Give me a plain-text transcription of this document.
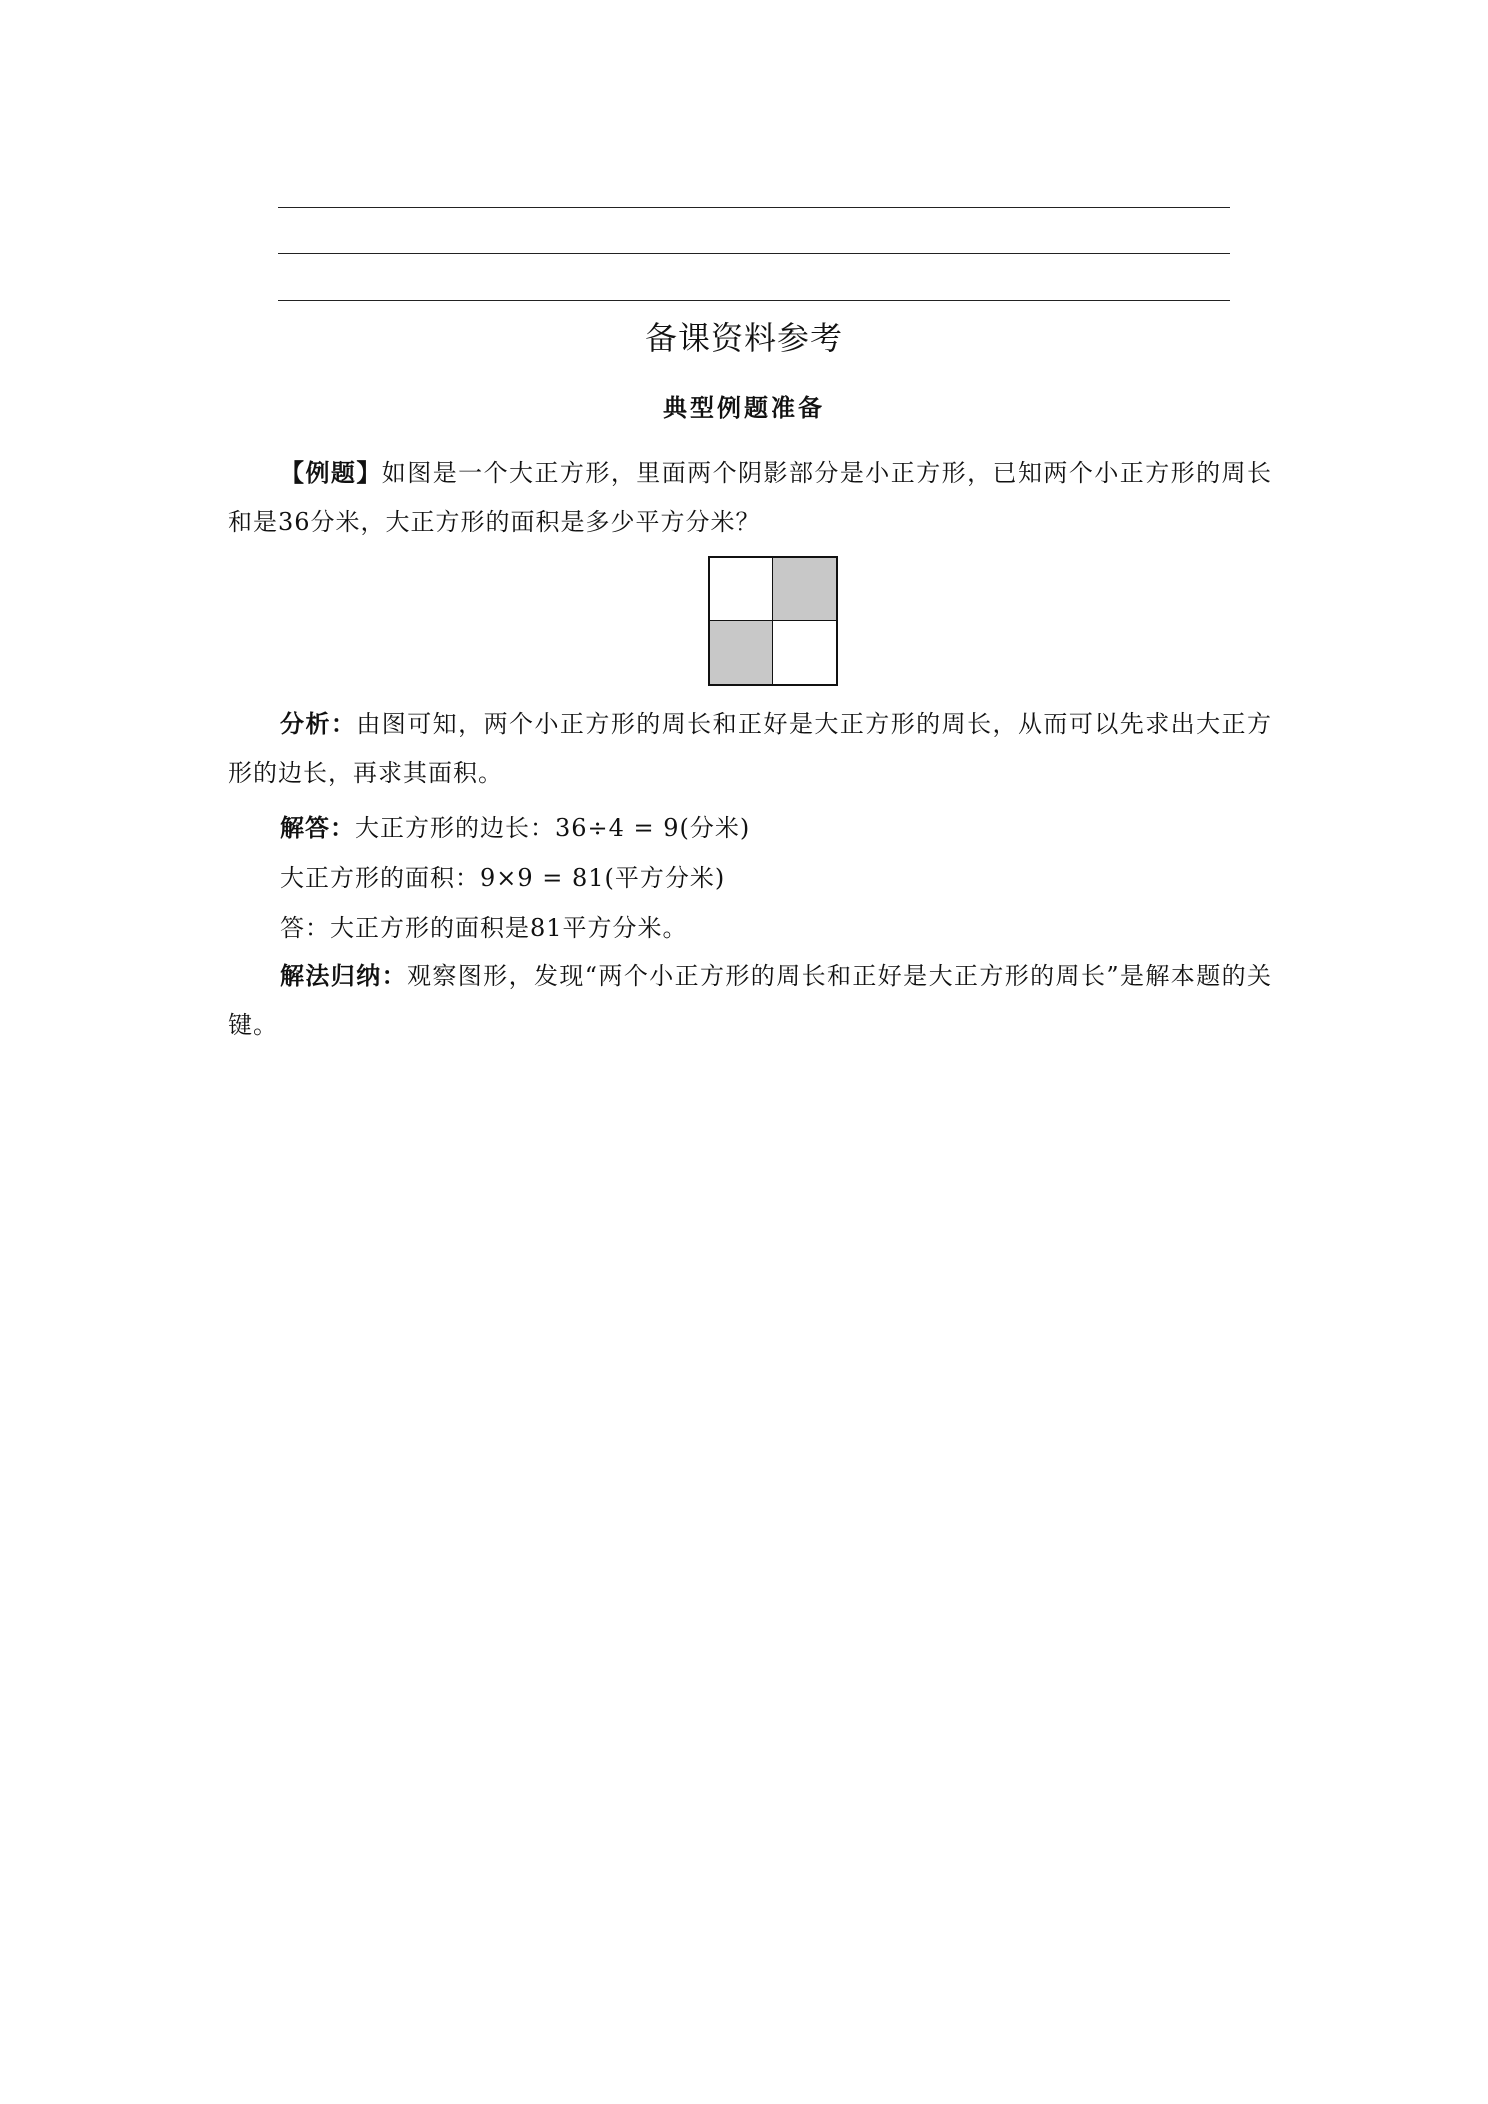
备课资料参考
典型例题准备
【例题】如图是一个大正方形，里面两个阴影部分是小正方形，已知两个小正方形的周长和是36分米，大正方形的面积是多少平方分米？
分析：由图可知，两个小正方形的周长和正好是大正方形的周长，从而可以先求出大正方形的边长，再求其面积。
解答：大正方形的边长：36÷4 = 9(分米)
大正方形的面积：9×9 = 81(平方分米)
答：大正方形的面积是81平方分米。
解法归纳：观察图形，发现“两个小正方形的周长和正好是大正方形的周长”是解本题的关键。
